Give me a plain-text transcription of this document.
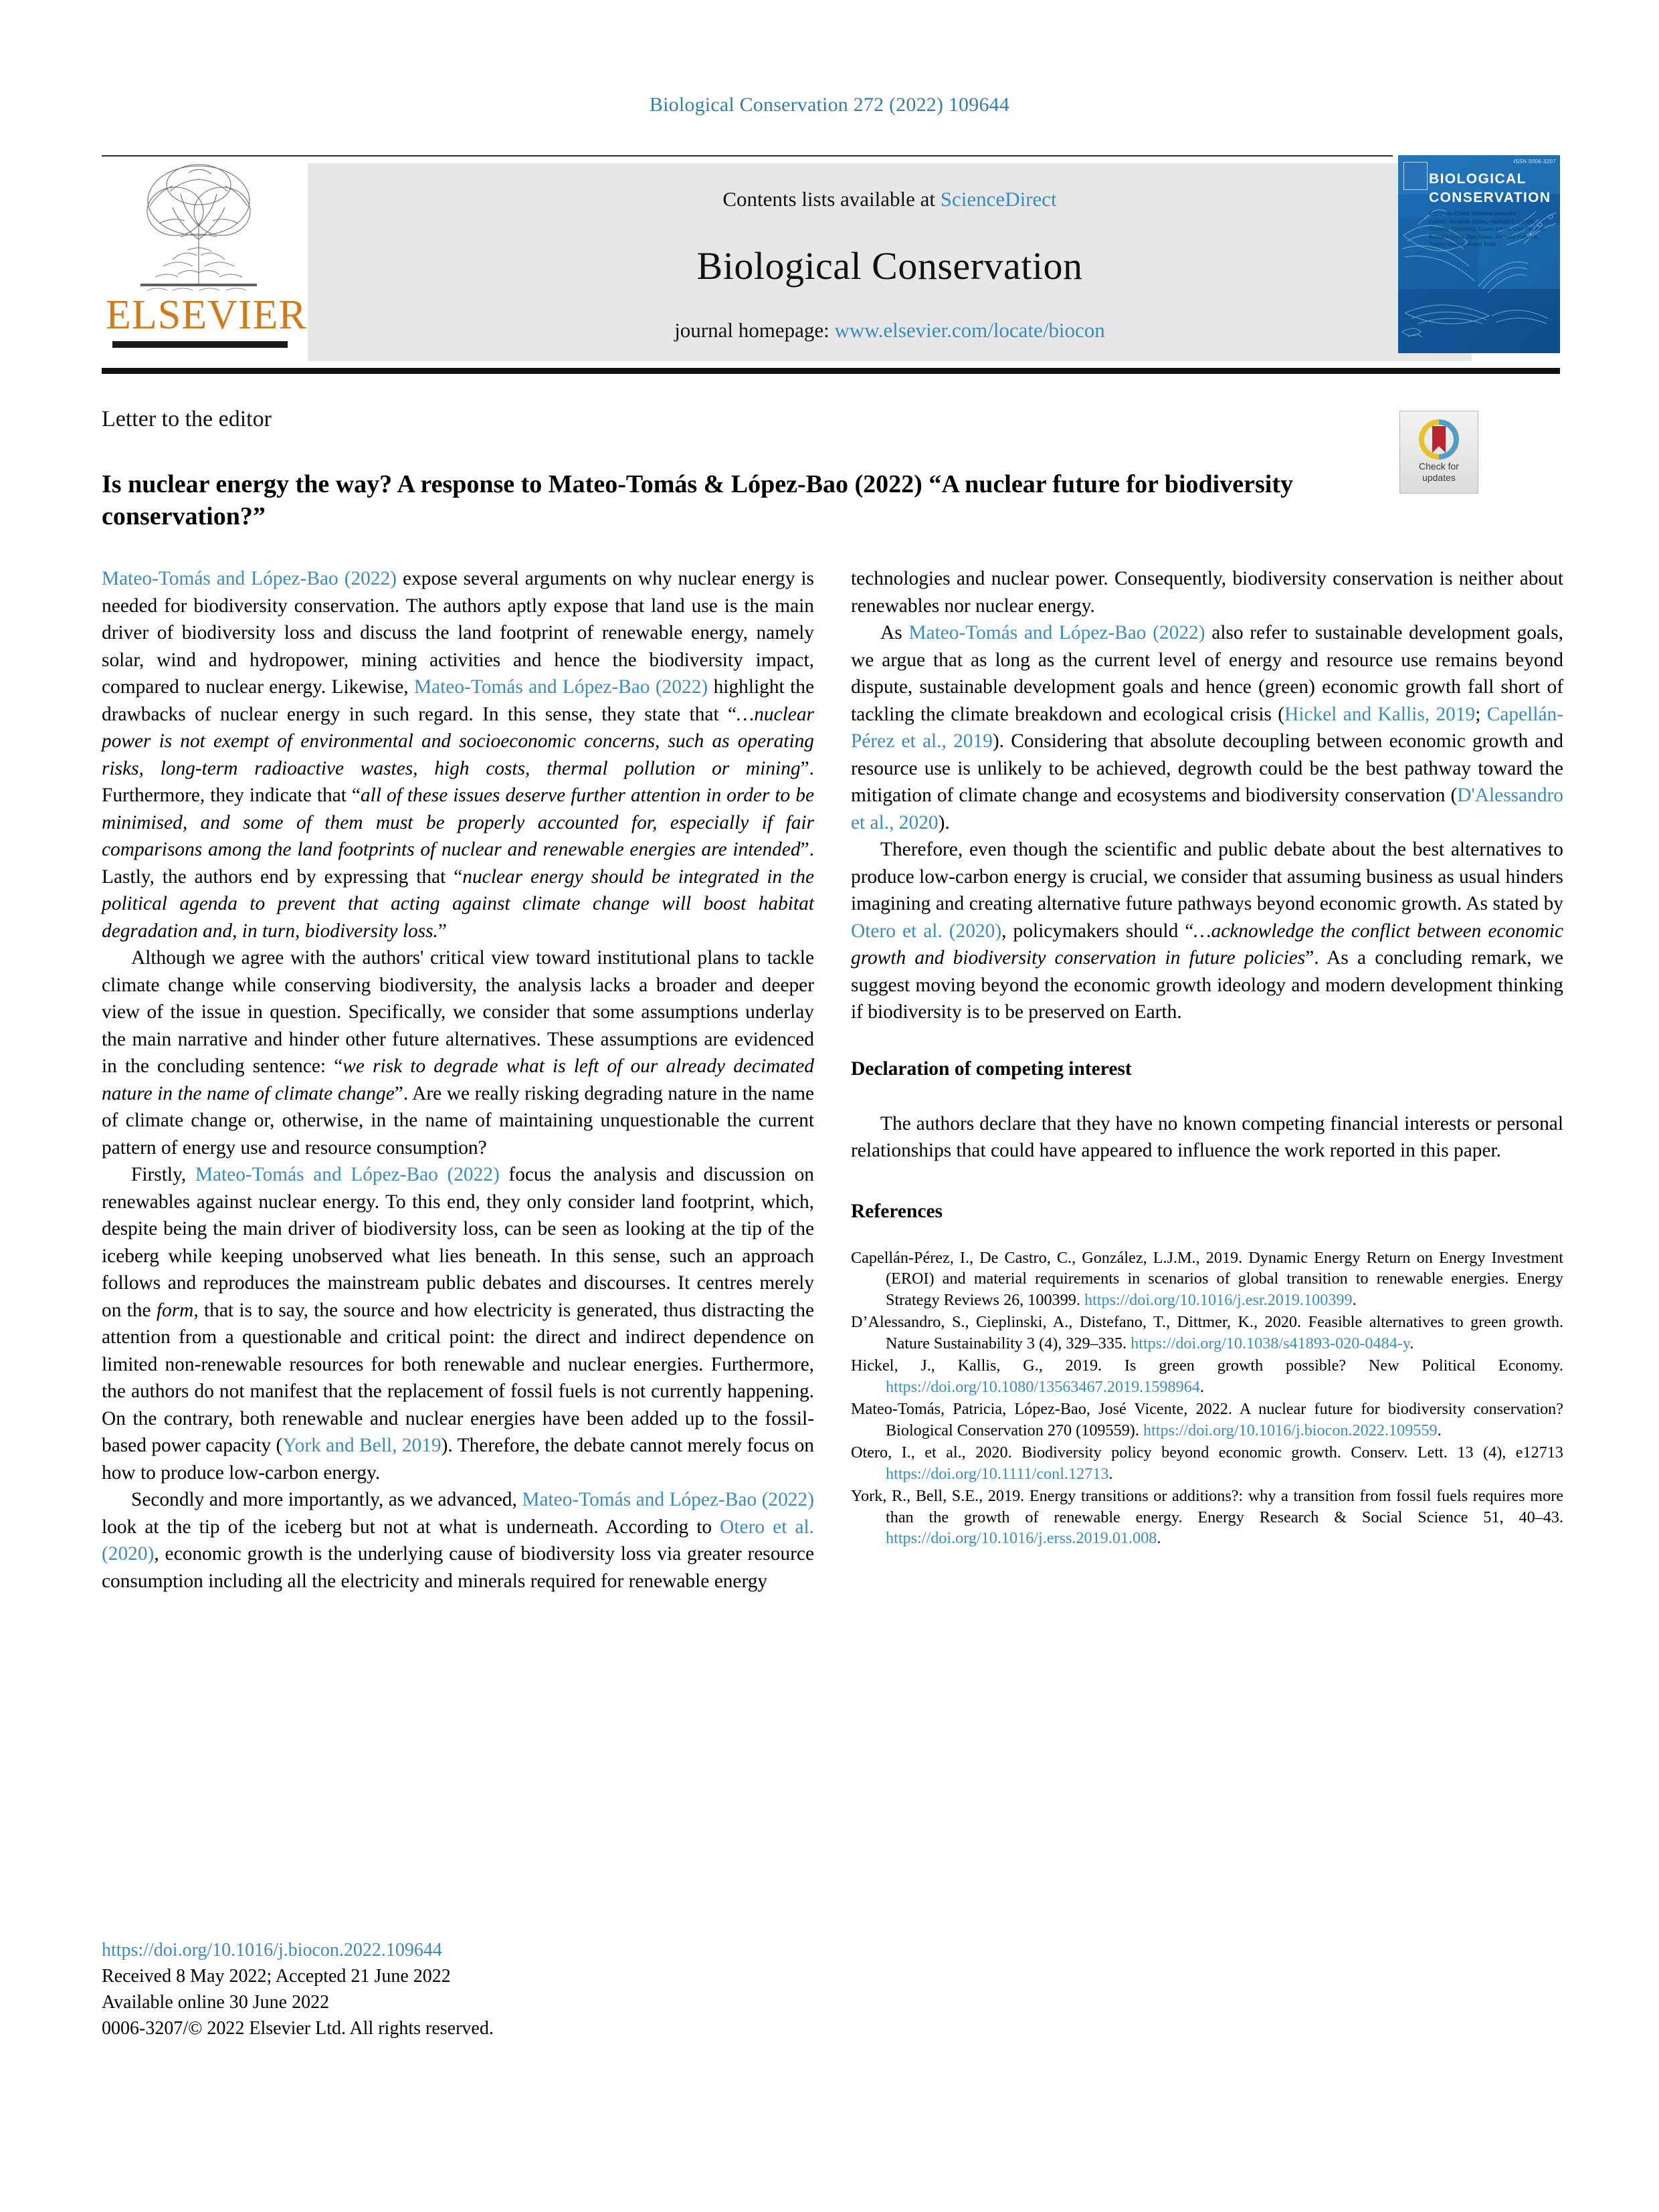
Biological Conservation 272 (2022) 109644
ELSEVIER
Contents lists available at ScienceDirect
Biological Conservation
journal homepage: www.elsevier.com/locate/biocon
ISSN 0006-3207
BIOLOGICAL
CONSERVATION
Editor-in-Chief: Vincent Devictor
Editors: Amanda Bates, Richard T. Corlett, Graeme Cumming, David Johns, Lian Pin Koh, Rafael Loyola, Bea Maas, Richard Primack, Tracey Regan, Robin Roth
Letter to the editor
Check for
updates
Is nuclear energy the way? A response to Mateo-Tomás & López-Bao (2022) “A nuclear future for biodiversity conservation?”

Mateo-Tomás and López-Bao (2022) expose several arguments on why nuclear energy is needed for biodiversity conservation. The authors aptly expose that land use is the main driver of biodiversity loss and discuss the land footprint of renewable energy, namely solar, wind and hydropower, mining activities and hence the biodiversity impact, compared to nuclear energy. Likewise, Mateo-Tomás and López-Bao (2022) highlight the drawbacks of nuclear energy in such regard. In this sense, they state that “…nuclear power is not exempt of environmental and socioeconomic concerns, such as operating risks, long-term radioactive wastes, high costs, thermal pollution or mining”. Furthermore, they indicate that “all of these issues deserve further attention in order to be minimised, and some of them must be properly accounted for, especially if fair comparisons among the land footprints of nuclear and renewable energies are intended”. Lastly, the authors end by expressing that “nuclear energy should be integrated in the political agenda to prevent that acting against climate change will boost habitat degradation and, in turn, biodiversity loss.”

Although we agree with the authors' critical view toward institutional plans to tackle climate change while conserving biodiversity, the analysis lacks a broader and deeper view of the issue in question. Specifically, we consider that some assumptions underlay the main narrative and hinder other future alternatives. These assumptions are evidenced in the concluding sentence: “we risk to degrade what is left of our already decimated nature in the name of climate change”. Are we really risking degrading nature in the name of climate change or, otherwise, in the name of maintaining unquestionable the current pattern of energy use and resource consumption?

Firstly, Mateo-Tomás and López-Bao (2022) focus the analysis and discussion on renewables against nuclear energy. To this end, they only consider land footprint, which, despite being the main driver of biodiversity loss, can be seen as looking at the tip of the iceberg while keeping unobserved what lies beneath. In this sense, such an approach follows and reproduces the mainstream public debates and discourses. It centres merely on the form, that is to say, the source and how electricity is generated, thus distracting the attention from a questionable and critical point: the direct and indirect dependence on limited non-renewable resources for both renewable and nuclear energies. Furthermore, the authors do not manifest that the replacement of fossil fuels is not currently happening. On the contrary, both renewable and nuclear energies have been added up to the fossil-based power capacity (York and Bell, 2019). Therefore, the debate cannot merely focus on how to produce low-carbon energy.

Secondly and more importantly, as we advanced, Mateo-Tomás and López-Bao (2022) look at the tip of the iceberg but not at what is underneath. According to Otero et al. (2020), economic growth is the underlying cause of biodiversity loss via greater resource consumption including all the electricity and minerals required for renewable energy

technologies and nuclear power. Consequently, biodiversity conservation is neither about renewables nor nuclear energy.

As Mateo-Tomás and López-Bao (2022) also refer to sustainable development goals, we argue that as long as the current level of energy and resource use remains beyond dispute, sustainable development goals and hence (green) economic growth fall short of tackling the climate breakdown and ecological crisis (Hickel and Kallis, 2019; Capellán-Pérez et al., 2019). Considering that absolute decoupling between economic growth and resource use is unlikely to be achieved, degrowth could be the best pathway toward the mitigation of climate change and ecosystems and biodiversity conservation (D'Alessandro et al., 2020).

Therefore, even though the scientific and public debate about the best alternatives to produce low-carbon energy is crucial, we consider that assuming business as usual hinders imagining and creating alternative future pathways beyond economic growth. As stated by Otero et al. (2020), policymakers should “…acknowledge the conflict between economic growth and biodiversity conservation in future policies”. As a concluding remark, we suggest moving beyond the economic growth ideology and modern development thinking if biodiversity is to be preserved on Earth.

Declaration of competing interest

The authors declare that they have no known competing financial interests or personal relationships that could have appeared to influence the work reported in this paper.

References
Capellán-Pérez, I., De Castro, C., González, L.J.M., 2019. Dynamic Energy Return on Energy Investment (EROI) and material requirements in scenarios of global transition to renewable energies. Energy Strategy Reviews 26, 100399. https://doi.org/10.1016/j.esr.2019.100399.
D’Alessandro, S., Cieplinski, A., Distefano, T., Dittmer, K., 2020. Feasible alternatives to green growth. Nature Sustainability 3 (4), 329–335. https://doi.org/10.1038/s41893-020-0484-y.
Hickel, J., Kallis, G., 2019. Is green growth possible? New Political Economy. https://doi.org/10.1080/13563467.2019.1598964.
Mateo-Tomás, Patricia, López-Bao, José Vicente, 2022. A nuclear future for biodiversity conservation? Biological Conservation 270 (109559). https://doi.org/10.1016/j.biocon.2022.109559.
Otero, I., et al., 2020. Biodiversity policy beyond economic growth. Conserv. Lett. 13 (4), e12713 https://doi.org/10.1111/conl.12713.
York, R., Bell, S.E., 2019. Energy transitions or additions?: why a transition from fossil fuels requires more than the growth of renewable energy. Energy Research & Social Science 51, 40–43. https://doi.org/10.1016/j.erss.2019.01.008.
https://doi.org/10.1016/j.biocon.2022.109644
Received 8 May 2022; Accepted 21 June 2022
Available online 30 June 2022
0006-3207/© 2022 Elsevier Ltd. All rights reserved.
